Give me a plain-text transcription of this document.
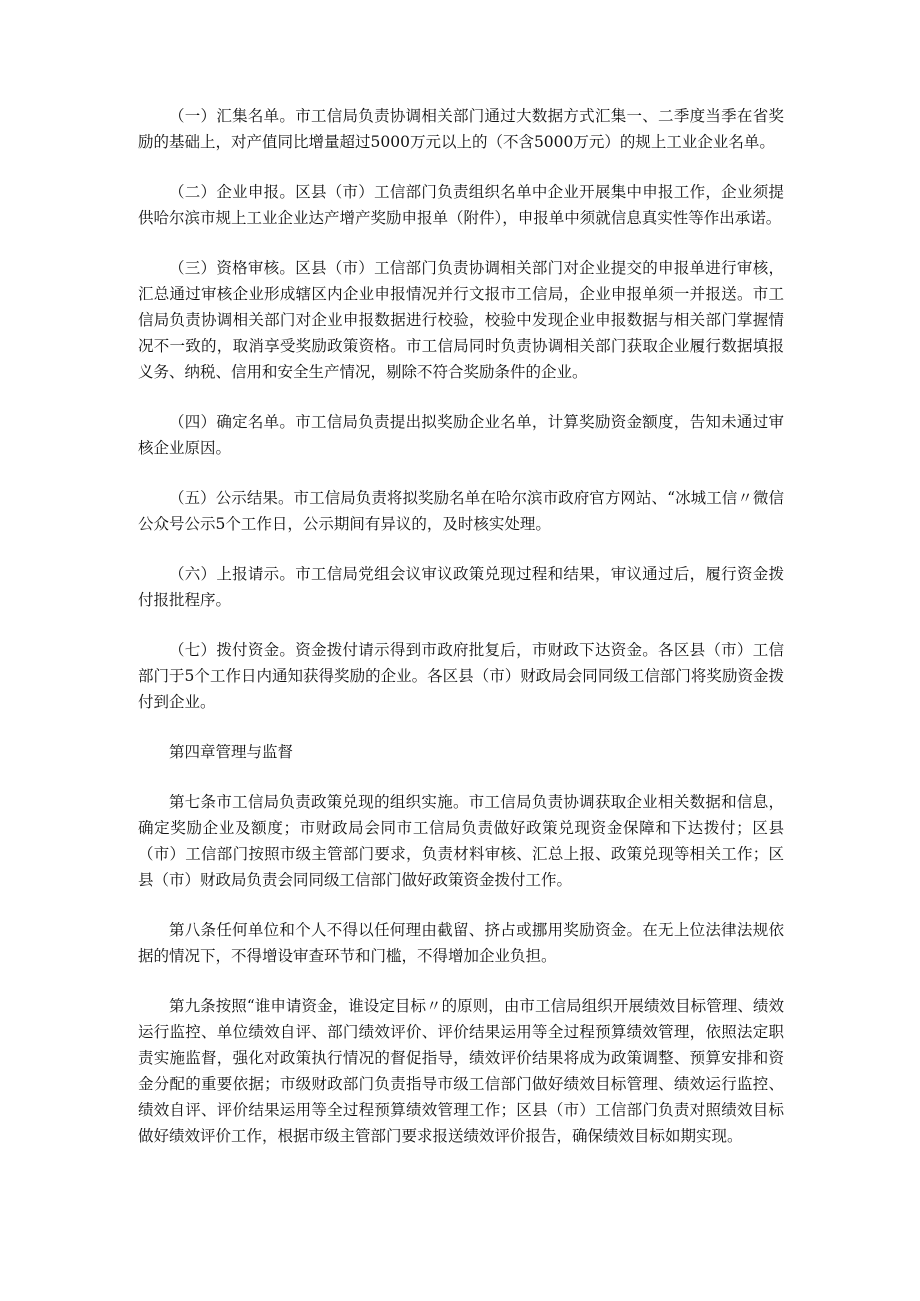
（一）汇集名单。市工信局负责协调相关部门通过大数据方式汇集一、二季度当季在省奖励的基础上，对产值同比增量超过5000万元以上的（不含5000万元）的规上工业企业名单。

（二）企业申报。区县（市）工信部门负责组织名单中企业开展集中申报工作，企业须提供哈尔滨市规上工业企业达产增产奖励申报单（附件），申报单中须就信息真实性等作出承诺。

（三）资格审核。区县（市）工信部门负责协调相关部门对企业提交的申报单进行审核，汇总通过审核企业形成辖区内企业申报情况并行文报市工信局，企业申报单须一并报送。市工信局负责协调相关部门对企业申报数据进行校验，校验中发现企业申报数据与相关部门掌握情况不一致的，取消享受奖励政策资格。市工信局同时负责协调相关部门获取企业履行数据填报义务、纳税、信用和安全生产情况，剔除不符合奖励条件的企业。

（四）确定名单。市工信局负责提出拟奖励企业名单，计算奖励资金额度，告知未通过审核企业原因。

（五）公示结果。市工信局负责将拟奖励名单在哈尔滨市政府官方网站、“冰城工信〃微信公众号公示5个工作日，公示期间有异议的，及时核实处理。

（六）上报请示。市工信局党组会议审议政策兑现过程和结果，审议通过后，履行资金拨付报批程序。

（七）拨付资金。资金拨付请示得到市政府批复后，市财政下达资金。各区县（市）工信部门于5个工作日内通知获得奖励的企业。各区县（市）财政局会同同级工信部门将奖励资金拨付到企业。

第四章管理与监督

第七条市工信局负责政策兑现的组织实施。市工信局负责协调获取企业相关数据和信息，确定奖励企业及额度；市财政局会同市工信局负责做好政策兑现资金保障和下达拨付；区县（市）工信部门按照市级主管部门要求，负责材料审核、汇总上报、政策兑现等相关工作；区县（市）财政局负责会同同级工信部门做好政策资金拨付工作。

第八条任何单位和个人不得以任何理由截留、挤占或挪用奖励资金。在无上位法律法规依据的情况下，不得增设审查环节和门槛，不得增加企业负担。

第九条按照“谁申请资金，谁设定目标〃的原则，由市工信局组织开展绩效目标管理、绩效运行监控、单位绩效自评、部门绩效评价、评价结果运用等全过程预算绩效管理，依照法定职责实施监督，强化对政策执行情况的督促指导，绩效评价结果将成为政策调整、预算安排和资金分配的重要依据；市级财政部门负责指导市级工信部门做好绩效目标管理、绩效运行监控、绩效自评、评价结果运用等全过程预算绩效管理工作；区县（市）工信部门负责对照绩效目标做好绩效评价工作，根据市级主管部门要求报送绩效评价报告，确保绩效目标如期实现。
